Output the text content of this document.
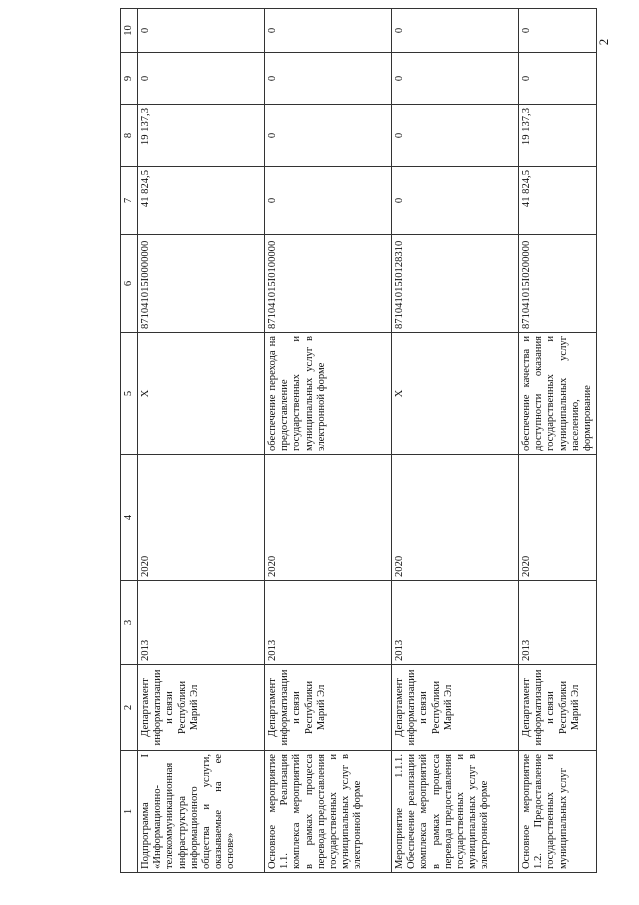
2
1	2	3	4	5	6	7	8	9	10
Подпрограмма I «Информационно-телекоммуникационная инфраструктура информационного общества и услуги, оказываемые на ее основе»	Департамент информатизации и связи Республики Марий Эл	2013	2020	X	871041015I0000000	41 824,5	19 137,3	0	0
Основное мероприятие 1.1. Реализация комплекса мероприятий в рамках процесса перевода предоставления государственных и муниципальных услуг в электронной форме	Департамент информатизации и связи Республики Марий Эл	2013	2020	обеспечение перехода на предоставление государственных и муниципальных услуг в электронной форме	871041015I0100000	0	0	0	0
Мероприятие 1.1.1. Обеспечение реализации комплекса мероприятий в рамках процесса перевода предоставления государственных и муниципальных услуг в электронной форме	Департамент информатизации и связи Республики Марий Эл	2013	2020	X	871041015I0128310	0	0	0	0
Основное мероприятие 1.2. Предоставление государственных и муниципальных услуг	Департамент информатизации и связи Республики Марий Эл	2013	2020	обеспечение качества и доступности оказания государственных и муниципальных услуг населению, формирование	871041015I0200000	41 824,5	19 137,3	0	0
